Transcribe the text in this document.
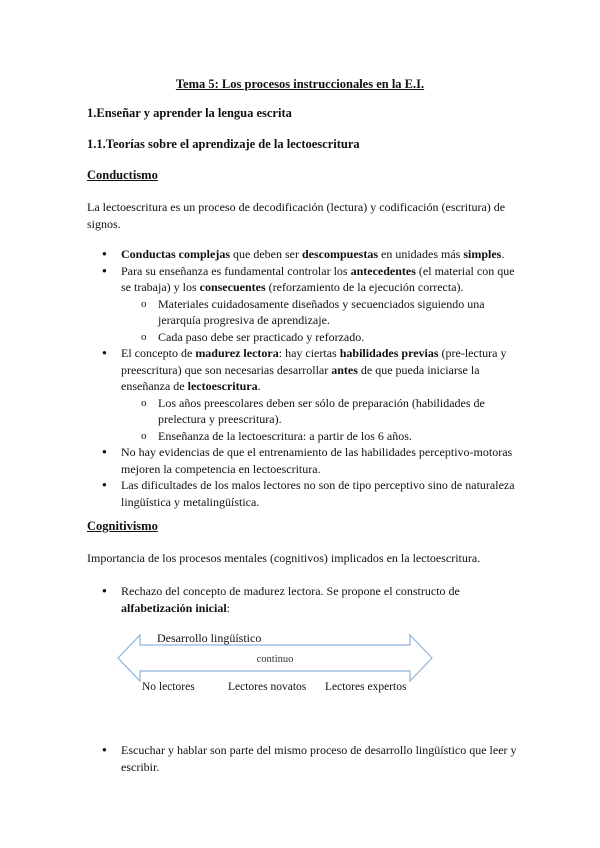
Tema 5: Los procesos instruccionales en la E.I.
1.Enseñar y aprender la lengua escrita
1.1.Teorías sobre el aprendizaje de la lectoescritura
Conductismo
La lectoescritura es un proceso de decodificación (lectura) y codificación (escritura) de signos.
● Conductas complejas que deben ser descompuestas en unidades más simples.
● Para su enseñanza es fundamental controlar los antecedentes (el material con que se trabaja) y los consecuentes (reforzamiento de la ejecución correcta).
o Materiales cuidadosamente diseñados y secuenciados siguiendo una jerarquía progresiva de aprendizaje.
o Cada paso debe ser practicado y reforzado.
● El concepto de madurez lectora: hay ciertas habilidades previas (pre-lectura y preescritura) que son necesarias desarrollar antes de que pueda iniciarse la enseñanza de lectoescritura.
o Los años preescolares deben ser sólo de preparación (habilidades de prelectura y preescritura).
o Enseñanza de la lectoescritura: a partir de los 6 años.
● No hay evidencias de que el entrenamiento de las habilidades perceptivo-motoras mejoren la competencia en lectoescritura.
● Las dificultades de los malos lectores no son de tipo perceptivo sino de naturaleza lingüística y metalingüística.
Cognitivismo
Importancia de los procesos mentales (cognitivos) implicados en la lectoescritura.
● Rechazo del concepto de madurez lectora. Se propone el constructo de alfabetización inicial:
Desarrollo lingüístico
continuo
No lectores	Lectores novatos Lectores expertos
● Escuchar y hablar son parte del mismo proceso de desarrollo lingüístico que leer y escribir.
